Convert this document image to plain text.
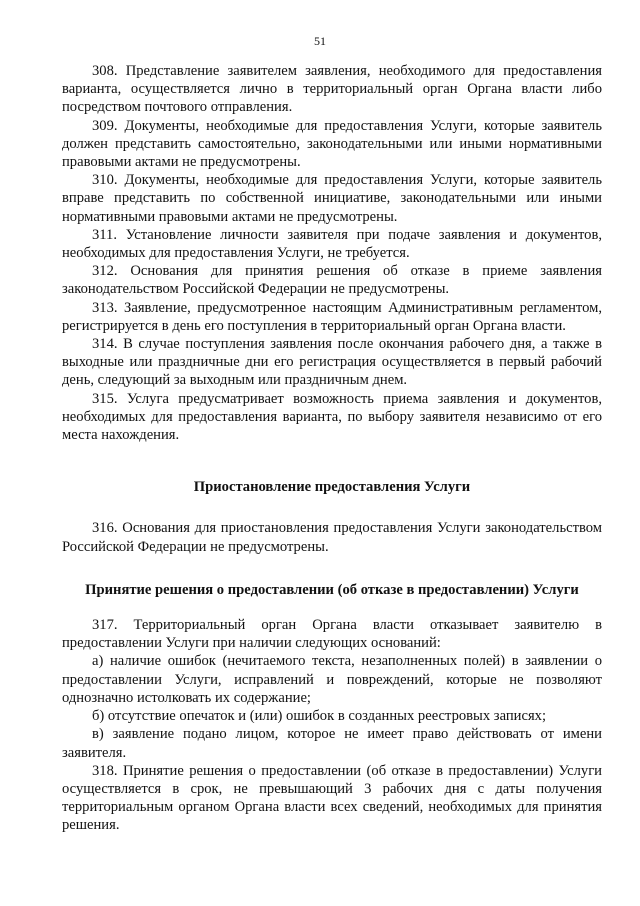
51

308. Представление заявителем заявления, необходимого для предоставления варианта, осуществляется лично в территориальный орган Органа власти либо посредством почтового отправления.

309. Документы, необходимые для предоставления Услуги, которые заявитель должен представить самостоятельно, законодательными или иными нормативными правовыми актами не предусмотрены.

310. Документы, необходимые для предоставления Услуги, которые заявитель вправе представить по собственной инициативе, законодательными или иными нормативными правовыми актами не предусмотрены.

311. Установление личности заявителя при подаче заявления и документов, необходимых для предоставления Услуги, не требуется.

312. Основания для принятия решения об отказе в приеме заявления законодательством Российской Федерации не предусмотрены.

313. Заявление, предусмотренное настоящим Административным регламентом, регистрируется в день его поступления в территориальный орган Органа власти.

314. В случае поступления заявления после окончания рабочего дня, а также в выходные или праздничные дни его регистрация осуществляется в первый рабочий день, следующий за выходным или праздничным днем.

315. Услуга предусматривает возможность приема заявления и документов, необходимых для предоставления варианта, по выбору заявителя независимо от его места нахождения.

Приостановление предоставления Услуги

316. Основания для приостановления предоставления Услуги законодательством Российской Федерации не предусмотрены.

Принятие решения о предоставлении (об отказе в предоставлении) Услуги

317. Территориальный орган Органа власти отказывает заявителю в предоставлении Услуги при наличии следующих оснований:

а) наличие ошибок (нечитаемого текста, незаполненных полей) в заявлении о предоставлении Услуги, исправлений и повреждений, которые не позволяют однозначно истолковать их содержание;

б) отсутствие опечаток и (или) ошибок в созданных реестровых записях;

в) заявление подано лицом, которое не имеет право действовать от имени заявителя.

318. Принятие решения о предоставлении (об отказе в предоставлении) Услуги осуществляется в срок, не превышающий 3 рабочих дня с даты получения территориальным органом Органа власти всех сведений, необходимых для принятия решения.
